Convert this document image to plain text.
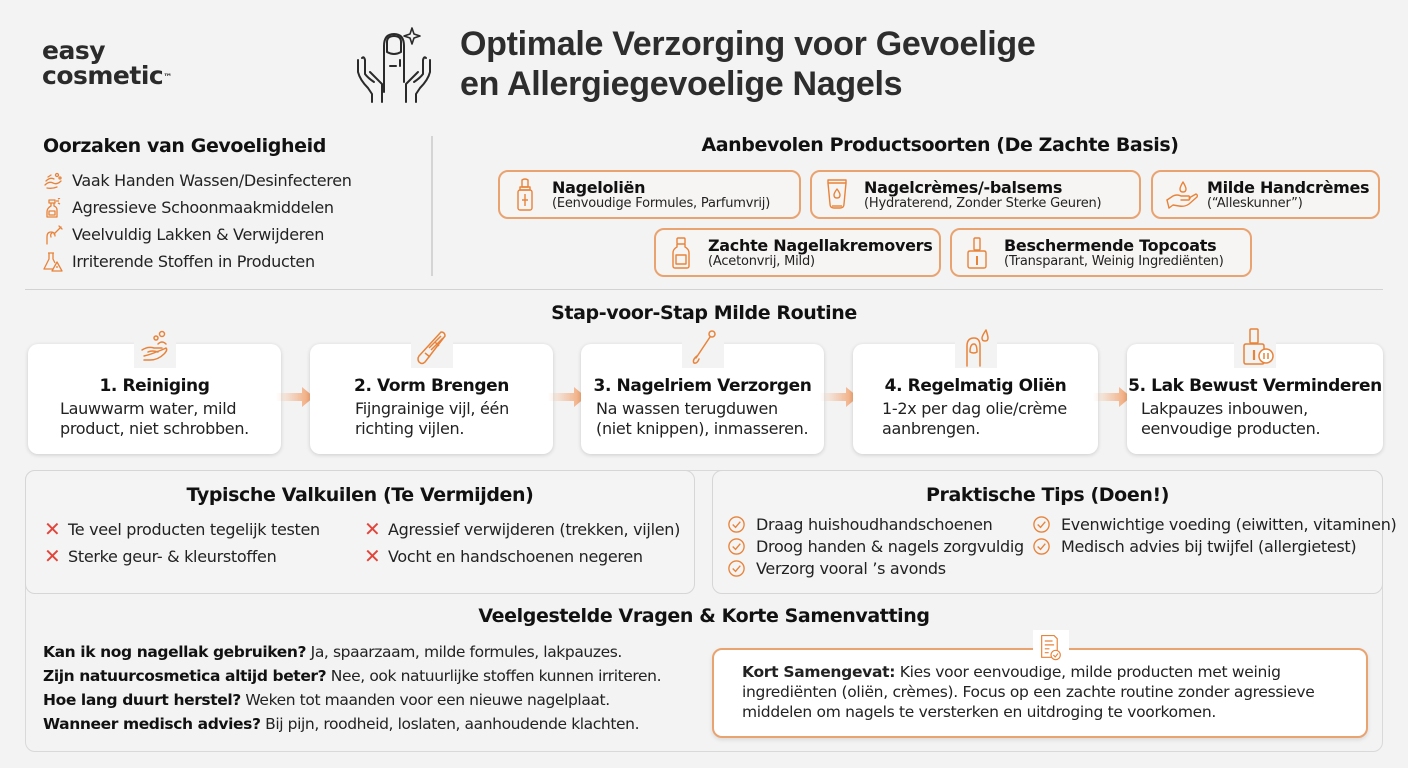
easy
cosmetic™
Optimale Verzorging voor Gevoelige
en Allergiegevoelige Nagels
Oorzaken van Gevoeligheid
Vaak Handen Wassen/Desinfecteren
Agressieve Schoonmaakmiddelen
Veelvuldig Lakken & Verwijderen
Irriterende Stoffen in Producten
Aanbevolen Productsoorten (De Zachte Basis)
Nageloliën
(Eenvoudige Formules, Parfumvrij)
Nagelcrèmes/-balsems
(Hydraterend, Zonder Sterke Geuren)
Milde Handcrèmes
(“Alleskunner”)
Zachte Nagellakremovers
(Acetonvrij, Mild)
Beschermende Topcoats
(Transparant, Weinig Ingrediënten)
Stap-voor-Stap Milde Routine
1. Reiniging
Lauwwarm water, mild
product, niet schrobben.
2. Vorm Brengen
Fijngrainige vijl, één
richting vijlen.
3. Nagelriem Verzorgen
Na wassen terugduwen
(niet knippen), inmasseren.
4. Regelmatig Oliën
1-2x per dag olie/crème
aanbrengen.
5. Lak Bewust Verminderen
Lakpauzes inbouwen,
eenvoudige producten.
Typische Valkuilen (Te Vermijden)
✕ Te veel producten tegelijk testen ✕ Agressief verwijderen (trekken, vijlen)
✕ Sterke geur- & kleurstoffen	✕ Vocht en handschoenen negeren
Praktische Tips (Doen!)
Draag huishoudhandschoenen	Evenwichtige voeding (eiwitten, vitaminen)
Droog handen & nagels zorgvuldig Medisch advies bij twijfel (allergietest)
Verzorg vooral ’s avonds
Veelgestelde Vragen & Korte Samenvatting

Kan ik nog nagellak gebruiken? Ja, spaarzaam, milde formules, lakpauzes.

Zijn natuurcosmetica altijd beter? Nee, ook natuurlijke stoffen kunnen irriteren.

Hoe lang duurt herstel? Weken tot maanden voor een nieuwe nagelplaat.

Wanneer medisch advies? Bij pijn, roodheid, loslaten, aanhoudende klachten.

Kort Samengevat: Kies voor eenvoudige, milde producten met weinig ingrediënten (oliën, crèmes). Focus op een zachte routine zonder agressieve middelen om nagels te versterken en uitdroging te voorkomen.
